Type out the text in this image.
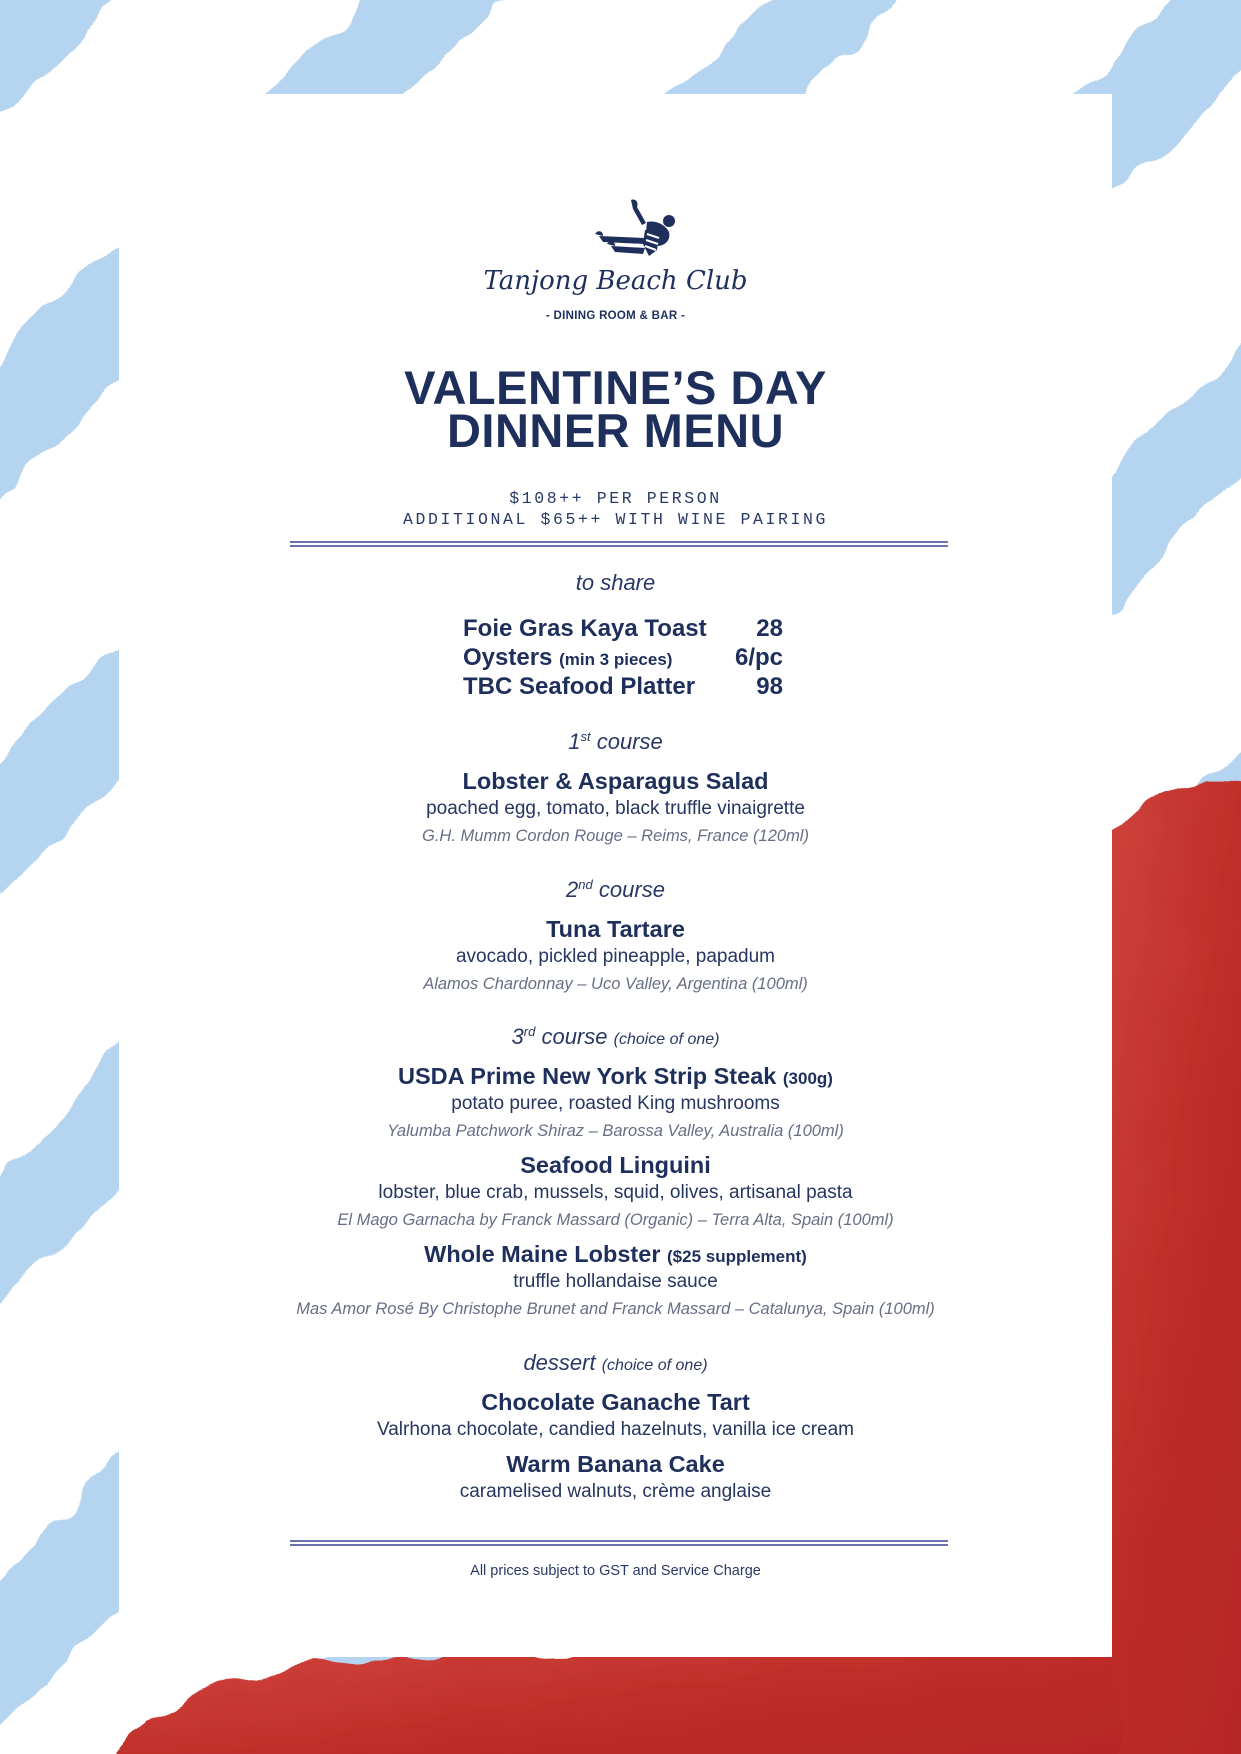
Tanjong Beach Club
- DINING ROOM & BAR -
VALENTINE’S DAY
DINNER MENU
$108++ PER PERSON
ADDITIONAL $65++ WITH WINE PAIRING
to share
Foie Gras Kaya Toast 28
Oysters (min 3 pieces)	6/pc
TBC Seafood Platter	98
1st course
Lobster & Asparagus Salad
poached egg, tomato, black truffle vinaigrette
G.H. Mumm Cordon Rouge – Reims, France (120ml)
2nd course
Tuna Tartare
avocado, pickled pineapple, papadum
Alamos Chardonnay – Uco Valley, Argentina (100ml)
3rd course (choice of one)
USDA Prime New York Strip Steak (300g)
potato puree, roasted King mushrooms
Yalumba Patchwork Shiraz – Barossa Valley, Australia (100ml)
Seafood Linguini
lobster, blue crab, mussels, squid, olives, artisanal pasta
El Mago Garnacha by Franck Massard (Organic) – Terra Alta, Spain (100ml)
Whole Maine Lobster ($25 supplement)
truffle hollandaise sauce
Mas Amor Rosé By Christophe Brunet and Franck Massard – Catalunya, Spain (100ml)
dessert (choice of one)
Chocolate Ganache Tart
Valrhona chocolate, candied hazelnuts, vanilla ice cream
Warm Banana Cake
caramelised walnuts, crème anglaise
All prices subject to GST and Service Charge
